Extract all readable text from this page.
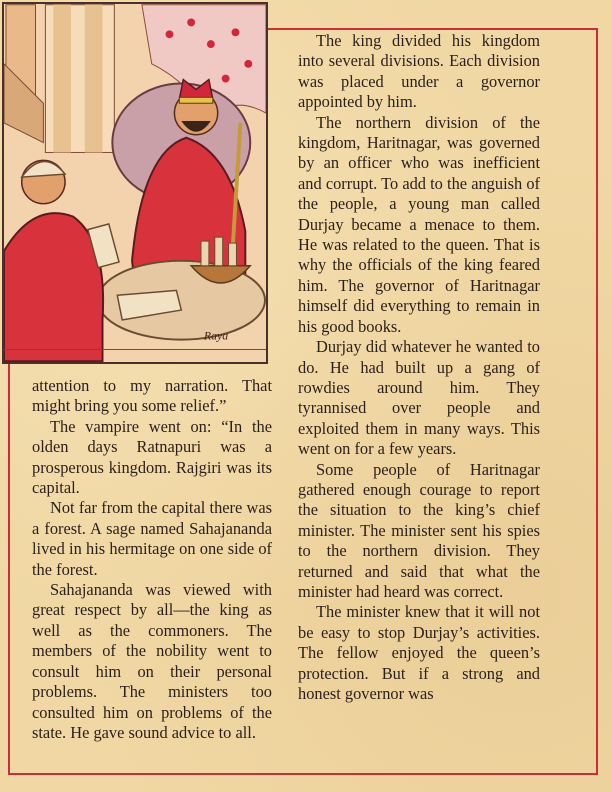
Raya

attention to my narration. That might bring you some relief.”

The vampire went on: “In the olden days Ratnapuri was a prosperous kingdom. Rajgiri was its capital.

Not far from the capital there was a forest. A sage named Sahajananda lived in his hermitage on one side of the forest.

Sahajananda was viewed with great respect by all—the king as well as the commoners. The members of the nobility went to consult him on their personal problems. The ministers too consulted him on problems of the state. He gave sound advice to all.

The king divided his kingdom into several divisions. Each division was placed under a governor appointed by him.

The northern division of the kingdom, Haritnagar, was governed by an officer who was inefficient and corrupt. To add to the anguish of the people, a young man called Durjay became a menace to them. He was related to the queen. That is why the officials of the king feared him. The governor of Haritnagar himself did everything to remain in his good books.

Durjay did whatever he wanted to do. He had built up a gang of rowdies around him. They tyrannised over people and exploited them in many ways. This went on for a few years.

Some people of Haritnagar gathered enough courage to report the situation to the king’s chief minister. The minister sent his spies to the northern division. They returned and said that what the minister had heard was correct.

The minister knew that it will not be easy to stop Durjay’s activities. The fellow enjoyed the queen’s protection. But if a strong and honest governor was
